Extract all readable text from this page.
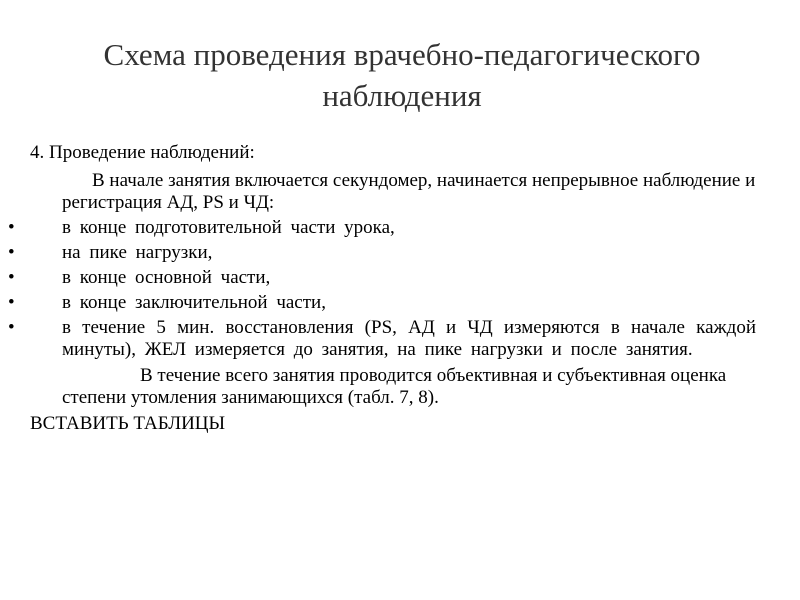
Схема проведения врачебно-педагогического наблюдения

4. Проведение наблюдений:

В начале занятия включается секундомер, начинается непрерывное наблюдение и регистрация АД, PS и ЧД:

•	в конце подготовительной части урока,
•	на пике нагрузки,
•	в конце основной части,
•	в конце заключительной части,
•	в течение 5 мин. восстановления (PS, АД и ЧД измеряются в начале каждой минуты), ЖЕЛ измеряется до занятия, на пике нагрузки и после занятия.

В течение всего занятия проводится объективная и субъективная оценка степени утомления занимающихся (табл. 7, 8).

ВСТАВИТЬ ТАБЛИЦЫ
